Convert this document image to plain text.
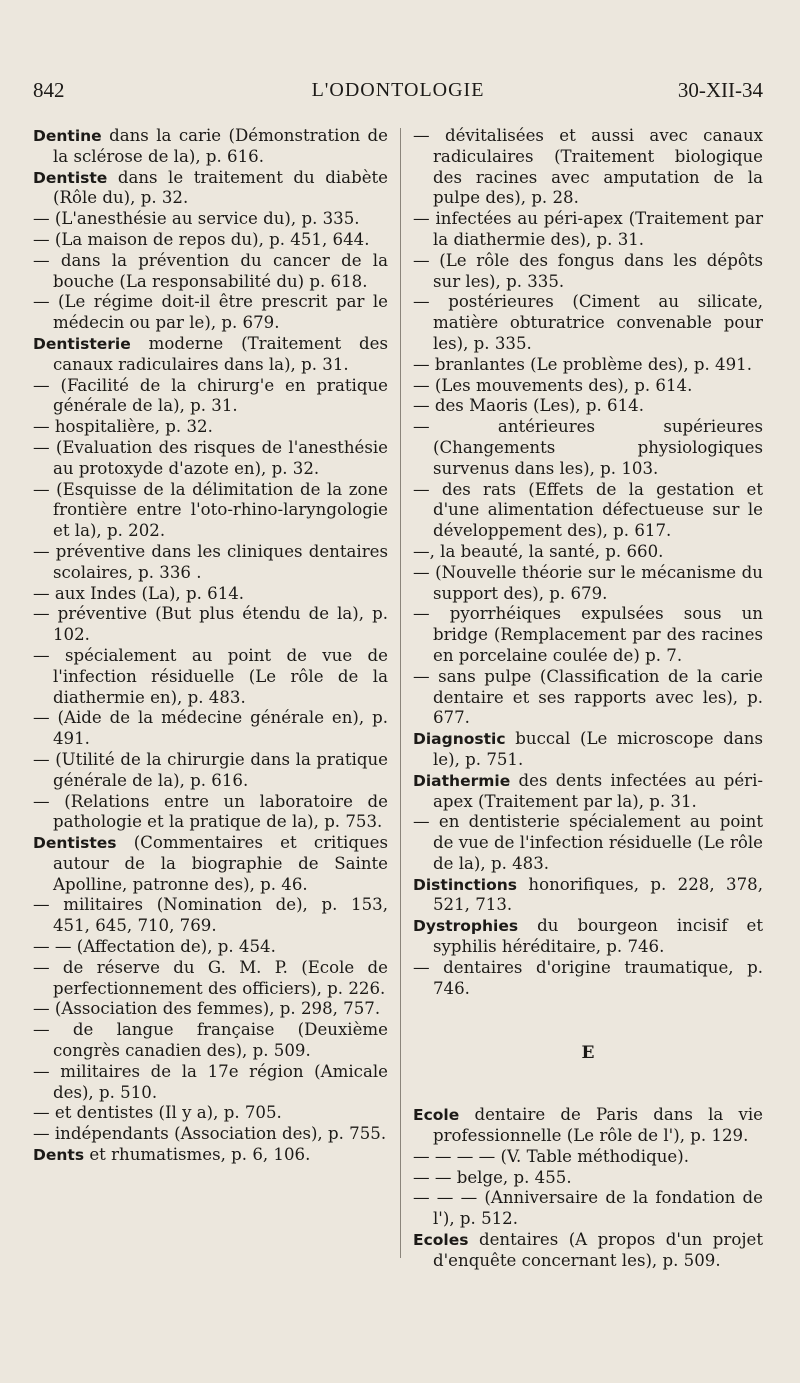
842	L'ODONTOLOGIE	30-XII-34

Dentine dans la carie (Démonstration de la sclérose de la), p. 616.

Dentiste dans le traitement du diabète (Rôle du), p. 32.

— (L'anesthésie au service du), p. 335.

— (La maison de repos du), p. 451, 644.

— dans la prévention du cancer de la bouche (La responsabilité du) p. 618.

— (Le régime doit-il être prescrit par le médecin ou par le), p. 679.

Dentisterie moderne (Traitement des canaux radiculaires dans la), p. 31.

— (Facilité de la chirurg'e en pratique générale de la), p. 31.

— hospitalière, p. 32.

— (Evaluation des risques de l'anesthésie au protoxyde d'azote en), p. 32.

— (Esquisse de la délimitation de la zone frontière entre l'oto-rhino-laryngologie et la), p. 202.

— préventive dans les cliniques dentaires scolaires, p. 336 .

— aux Indes (La), p. 614.

— préventive (But plus étendu de la), p. 102.

— spécialement au point de vue de l'infection résiduelle (Le rôle de la diathermie en), p. 483.

— (Aide de la médecine générale en), p. 491.

— (Utilité de la chirurgie dans la pratique générale de la), p. 616.

— (Relations entre un laboratoire de pathologie et la pratique de la), p. 753.

Dentistes (Commentaires et critiques autour de la biographie de Sainte Apolline, patronne des), p. 46.

— militaires (Nomination de), p. 153, 451, 645, 710, 769.

— — (Affectation de), p. 454.

— de réserve du G. M. P. (Ecole de perfectionnement des officiers), p. 226.

— (Association des femmes), p. 298, 757.

— de langue française (Deuxième congrès canadien des), p. 509.

— militaires de la 17e région (Amicale des), p. 510.

— et dentistes (Il y a), p. 705.

— indépendants (Association des), p. 755.

Dents et rhumatismes, p. 6, 106.

— dévitalisées et aussi avec canaux radiculaires (Traitement biologique des racines avec amputation de la pulpe des), p. 28.

— infectées au péri-apex (Traitement par la diathermie des), p. 31.

— (Le rôle des fongus dans les dépôts sur les), p. 335.

— postérieures (Ciment au silicate, matière obturatrice convenable pour les), p. 335.

— branlantes (Le problème des), p. 491.

— (Les mouvements des), p. 614.

— des Maoris (Les), p. 614.

— antérieures supérieures (Changements physiologiques survenus dans les), p. 103.

— des rats (Effets de la gestation et d'une alimentation défectueuse sur le développement des), p. 617.

—, la beauté, la santé, p. 660.

— (Nouvelle théorie sur le mécanisme du support des), p. 679.

— pyorrhéiques expulsées sous un bridge (Remplacement par des racines en porcelaine coulée de) p. 7.

— sans pulpe (Classification de la carie dentaire et ses rapports avec les), p. 677.

Diagnostic buccal (Le microscope dans le), p. 751.

Diathermie des dents infectées au péri-apex (Traitement par la), p. 31.

— en dentisterie spécialement au point de vue de l'infection résiduelle (Le rôle de la), p. 483.

Distinctions honorifiques, p. 228, 378, 521, 713.

Dystrophies du bourgeon incisif et syphilis héréditaire, p. 746.

— dentaires d'origine traumatique, p. 746.

E

Ecole dentaire de Paris dans la vie professionnelle (Le rôle de l'), p. 129.

— — — — (V. Table méthodique).

— — belge, p. 455.

— — — (Anniversaire de la fondation de l'), p. 512.

Ecoles dentaires (A propos d'un projet d'enquête concernant les), p. 509.
